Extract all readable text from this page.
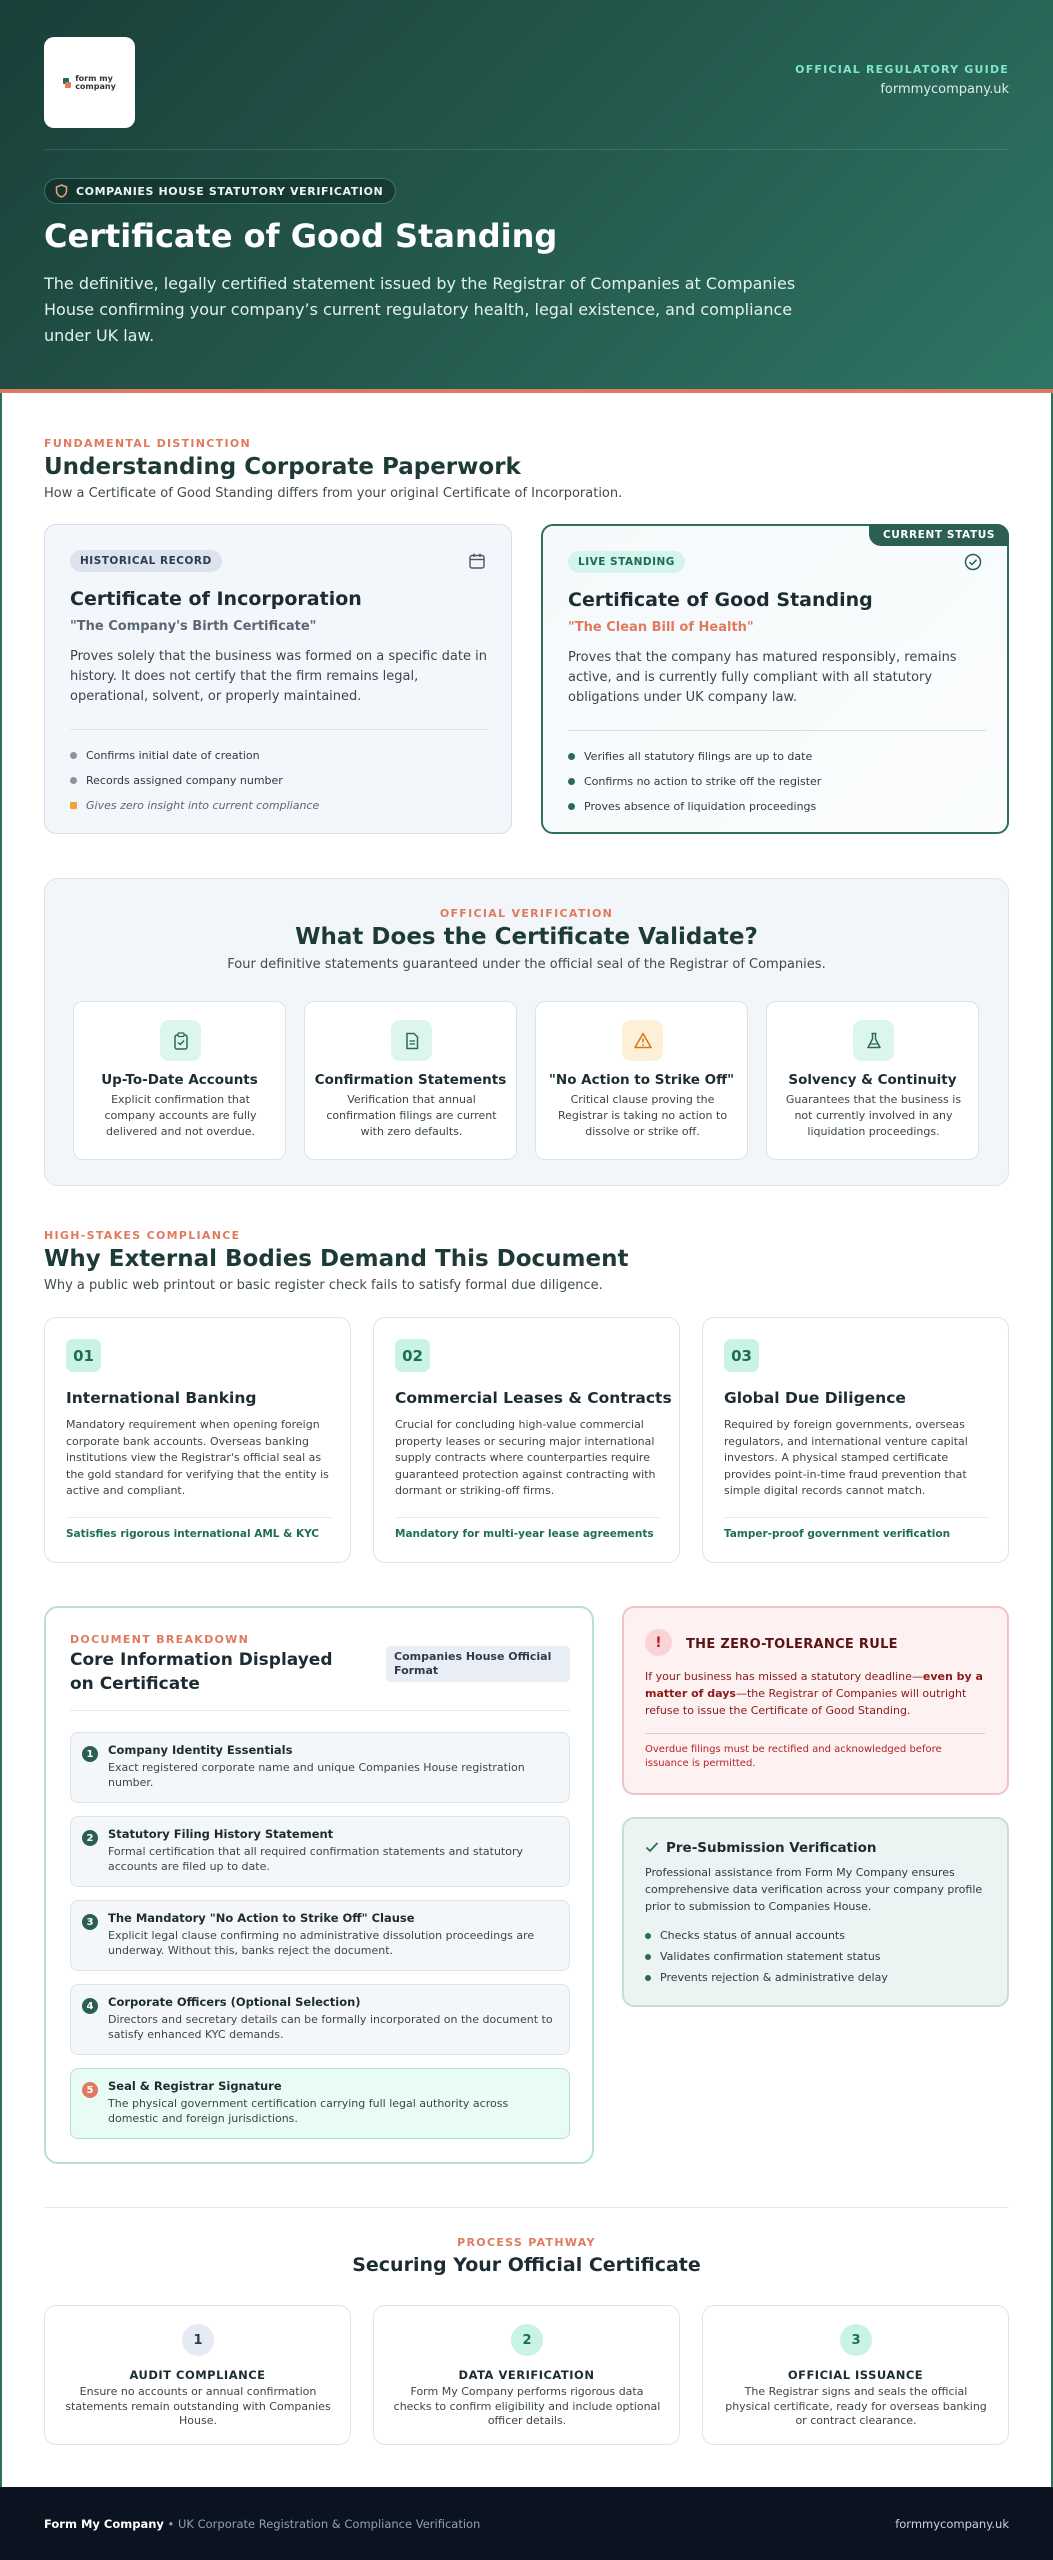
form my
company
OFFICIAL REGULATORY GUIDE
formmycompany.uk
COMPANIES HOUSE STATUTORY VERIFICATION
Certificate of Good Standing

The definitive, legally certified statement issued by the Registrar of Companies at Companies House confirming your company’s current regulatory health, legal existence, and compliance under UK law.

FUNDAMENTAL DISTINCTION
Understanding Corporate Paperwork
How a Certificate of Good Standing differs from your original Certificate of Incorporation.
HISTORICAL RECORD
Certificate of Incorporation
"The Company's Birth Certificate"
Proves solely that the business was formed on a specific date in history. It does not certify that the firm remains legal, operational, solvent, or properly maintained.
Confirms initial date of creation
Records assigned company number
Gives zero insight into current compliance
CURRENT STATUS
LIVE STANDING
Certificate of Good Standing
"The Clean Bill of Health"
Proves that the company has matured responsibly, remains active, and is currently fully compliant with all statutory obligations under UK company law.
Verifies all statutory filings are up to date
Confirms no action to strike off the register
Proves absence of liquidation proceedings
OFFICIAL VERIFICATION
What Does the Certificate Validate?
Four definitive statements guaranteed under the official seal of the Registrar of Companies.
Up-To-Date Accounts

Explicit confirmation that company accounts are fully delivered and not overdue.

Confirmation Statements

Verification that annual confirmation filings are current with zero defaults.

"No Action to Strike Off"

Critical clause proving the Registrar is taking no action to dissolve or strike off.

Solvency & Continuity

Guarantees that the business is not currently involved in any liquidation proceedings.

HIGH-STAKES COMPLIANCE
Why External Bodies Demand This Document
Why a public web printout or basic register check fails to satisfy formal due diligence.
01
International Banking

Mandatory requirement when opening foreign corporate bank accounts. Overseas banking institutions view the Registrar's official seal as the gold standard for verifying that the entity is active and compliant.

Satisfies rigorous international AML & KYC
02
Commercial Leases & Contracts

Crucial for concluding high-value commercial property leases or securing major international supply contracts where counterparties require guaranteed protection against contracting with dormant or striking-off firms.

Mandatory for multi-year lease agreements
03
Global Due Diligence

Required by foreign governments, overseas regulators, and international venture capital investors. A physical stamped certificate provides point-in-time fraud prevention that simple digital records cannot match.

Tamper-proof government verification
DOCUMENT BREAKDOWN
Core Information Displayed on Certificate
Companies House Official Format
1	Company Identity Essentials

Exact registered corporate name and unique Companies House registration number.

2	Statutory Filing History Statement

Formal certification that all required confirmation statements and statutory accounts are filed up to date.

3	The Mandatory "No Action to Strike Off" Clause

Explicit legal clause confirming no administrative dissolution proceedings are underway. Without this, banks reject the document.

4	Corporate Officers (Optional Selection)

Directors and secretary details can be formally incorporated on the document to satisfy enhanced KYC demands.

5	Seal & Registrar Signature

The physical government certification carrying full legal authority across domestic and foreign jurisdictions.

!	THE ZERO-TOLERANCE RULE

If your business has missed a statutory deadline—even by a matter of days—the Registrar of Companies will outright refuse to issue the Certificate of Good Standing.

Overdue filings must be rectified and acknowledged before issuance is permitted.
Pre-Submission Verification

Professional assistance from Form My Company ensures comprehensive data verification across your company profile prior to submission to Companies House.

Checks status of annual accounts
Validates confirmation statement status
Prevents rejection & administrative delay
PROCESS PATHWAY
Securing Your Official Certificate
1
AUDIT COMPLIANCE

Ensure no accounts or annual confirmation statements remain outstanding with Companies House.

2
DATA VERIFICATION

Form My Company performs rigorous data checks to confirm eligibility and include optional officer details.

3
OFFICIAL ISSUANCE

The Registrar signs and seals the official physical certificate, ready for overseas banking or contract clearance.

Form My Company • UK Corporate Registration & Compliance Verification	formmycompany.uk
